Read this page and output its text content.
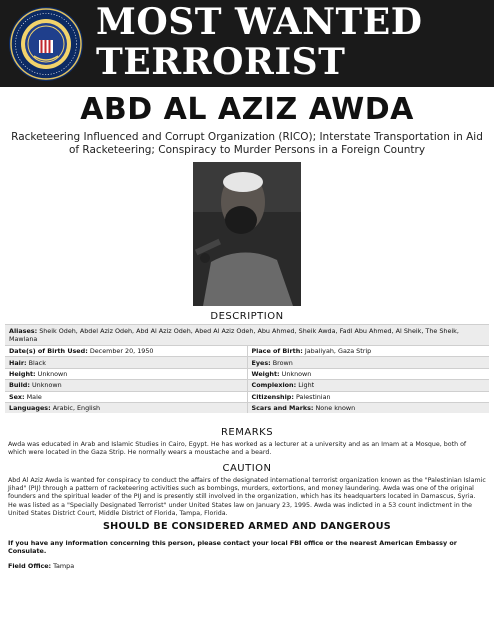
MOST WANTED
TERRORIST
ABD AL AZIZ AWDA
Racketeering Influenced and Corrupt Organization (RICO); Interstate Transportation in Aid of Racketeering; Conspiracy to Murder Persons in a Foreign Country
DESCRIPTION
Aliases: Sheik Odeh, Abdel Aziz Odeh, Abd Al Aziz Odeh, Abed Al Aziz Odeh, Abu Ahmed, Sheik Awda, Fadl Abu Ahmed, Al Sheik, The Sheik, Mawlana	
Date(s) of Birth Used: December 20, 1950	Place of Birth: Jabaliyah, Gaza Strip
Hair: Black	Eyes: Brown
Height: Unknown	Weight: Unknown
Build: Unknown	Complexion: Light
Sex: Male	Citizenship: Palestinian
Languages: Arabic, English	Scars and Marks: None known
REMARKS
Awda was educated in Arab and Islamic Studies in Cairo, Egypt. He has worked as a lecturer at a university and as an Imam at a Mosque, both of which were located in the Gaza Strip. He normally wears a moustache and a beard.
CAUTION
Abd Al Aziz Awda is wanted for conspiracy to conduct the affairs of the designated international terrorist organization known as the "Palestinian Islamic Jihad" (PIJ) through a pattern of racketeering activities such as bombings, murders, extortions, and money laundering. Awda was one of the original founders and the spiritual leader of the PIJ and is presently still involved in the organization, which has its headquarters located in Damascus, Syria. He was listed as a "Specially Designated Terrorist" under United States law on January 23, 1995. Awda was indicted in a 53 count indictment in the United States District Court, Middle District of Florida, Tampa, Florida.
SHOULD BE CONSIDERED ARMED AND DANGEROUS
If you have any information concerning this person, please contact your local FBI office or the nearest American Embassy or Consulate.
Field Office: Tampa
